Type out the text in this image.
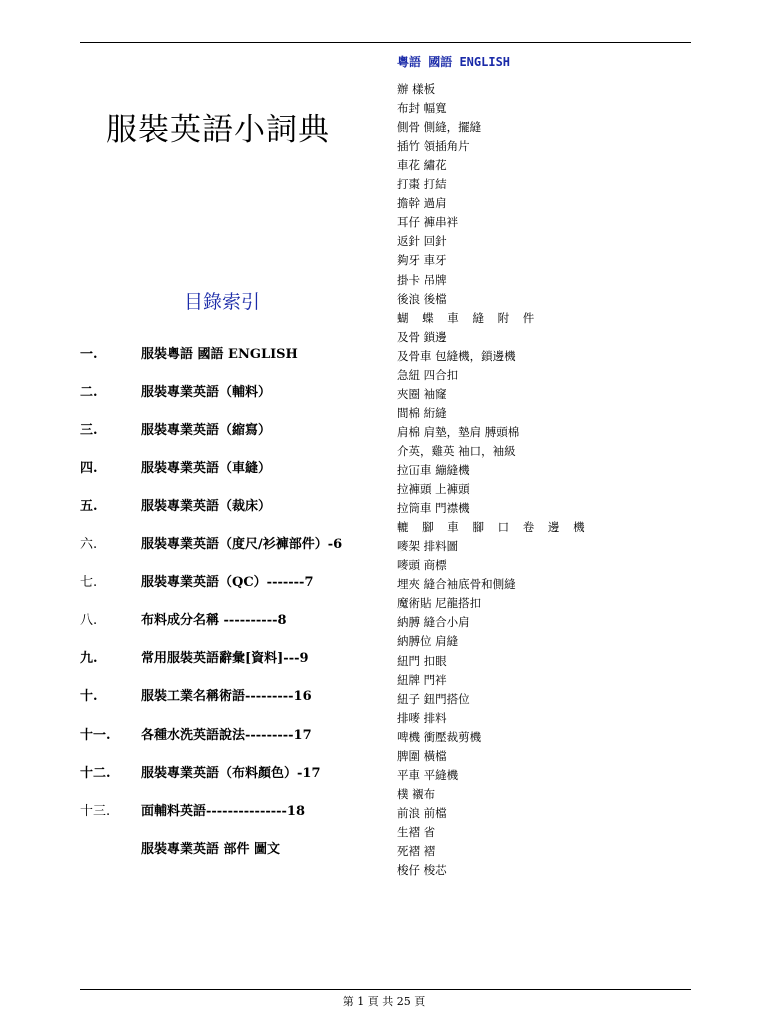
服裝英語小詞典
目錄索引
一.	服裝粵語 國語 ENGLISH
二.	服裝專業英語（輔料）
三.	服裝專業英語（縮寫）
四.	服裝專業英語（車縫）
五.	服裝專業英語（裁床）
六.	服裝專業英語（度尺/衫褲部件）-6
七.	服裝專業英語（QC）-------7
八.	布料成分名稱 ----------8
九.	常用服裝英語辭彙[資料]---9
十.	服裝工業名稱術語---------16
十一. 各種水洗英語說法---------17
十二. 服裝專業英語（布料顏色）-17
十三. 面輔料英語---------------18
服裝專業英語 部件 圖文
粵語 國語 ENGLISH
辦 樣板
布封 幅寬
側骨 側縫，擺縫
插竹 領插角片
車花 繡花
打棗 打結
擔幹 過肩
耳仔 褲串袢
返針 回針
夠牙 車牙
掛卡 吊牌
後浪 後檔
蝴 蝶 車 縫 附 件
及骨 鎖邊
及骨車 包縫機，鎖邊機
急紐 四合扣
夾圈 袖窿
間棉 絎縫
肩棉 肩墊，墊肩 膊頭棉
介英，雞英 袖口，袖級
拉冚車 繃縫機
拉褲頭 上褲頭
拉筒車 門襟機
轆 腳 車 腳 口 卷 邊 機
嘜架 排料圖
嘜頭 商標
埋夾 縫合袖底骨和側縫
魔術貼 尼龍搭扣
納膊 縫合小肩
納膊位 肩縫
紐門 扣眼
紐牌 門袢
紐子 鈕門搭位
排嘜 排料
啤機 衝壓裁剪機
脾圍 橫檔
平車 平縫機
樸 襯布
前浪 前檔
生褶 省
死褶 褶
梭仔 梭芯
第 1 頁 共 25 頁
